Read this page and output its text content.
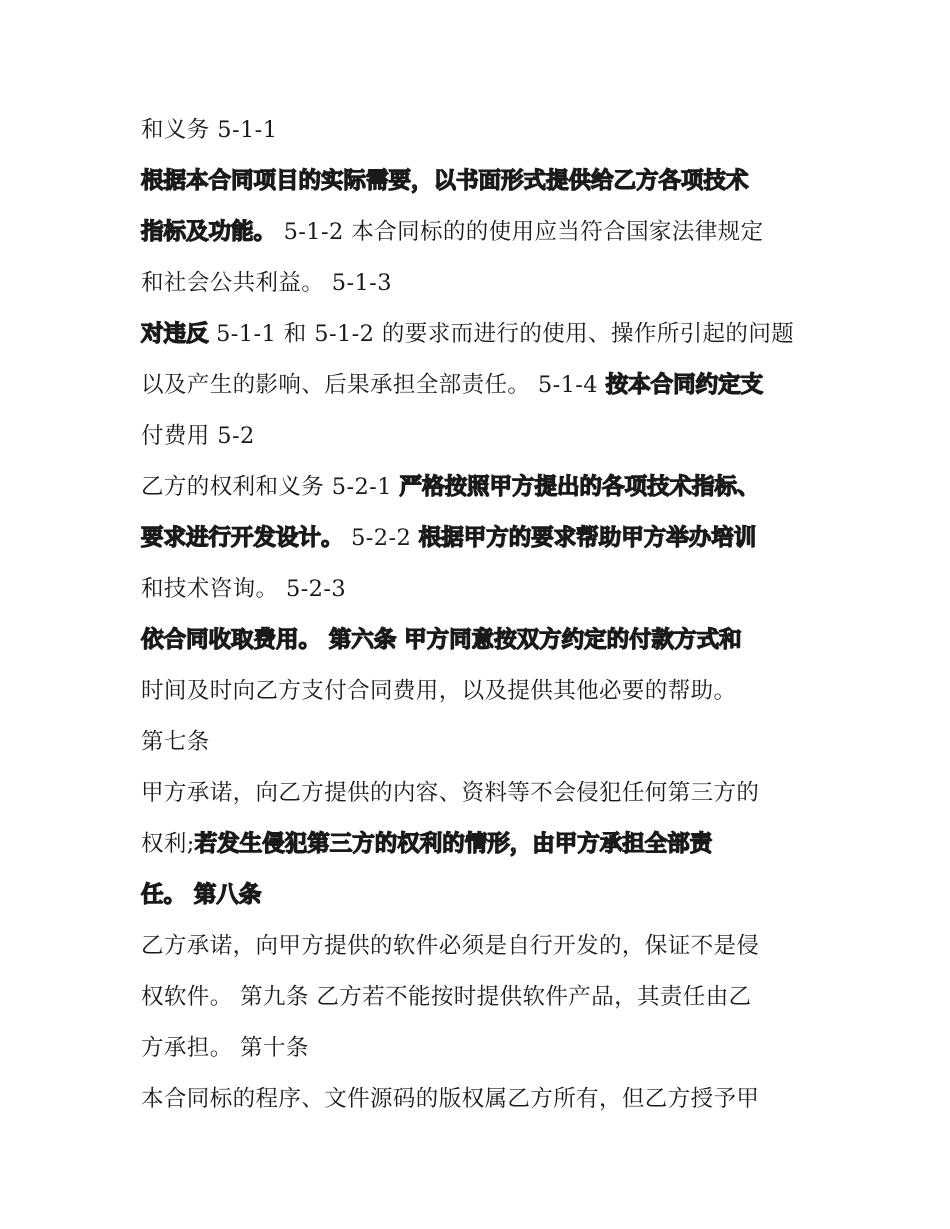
和义务 5-1-1
根据本合同项目的实际需要，以书面形式提供给乙方各项技术
指标及功能。 5-1-2 本合同标的的使用应当符合国家法律规定
和社会公共利益。 5-1-3
对违反 5-1-1 和 5-1-2 的要求而进行的使用、操作所引起的问题
以及产生的影响、后果承担全部责任。 5-1-4 按本合同约定支
付费用 5-2
乙方的权利和义务 5-2-1 严格按照甲方提出的各项技术指标、
要求进行开发设计。 5-2-2 根据甲方的要求帮助甲方举办培训
和技术咨询。 5-2-3
依合同收取费用。 第六条 甲方同意按双方约定的付款方式和
时间及时向乙方支付合同费用，以及提供其他必要的帮助。
第七条
甲方承诺，向乙方提供的内容、资料等不会侵犯任何第三方的
权利;若发生侵犯第三方的权利的情形，由甲方承担全部责
任。 第八条
乙方承诺，向甲方提供的软件必须是自行开发的，保证不是侵
权软件。 第九条 乙方若不能按时提供软件产品，其责任由乙
方承担。 第十条
本合同标的程序、文件源码的版权属乙方所有，但乙方授予甲
